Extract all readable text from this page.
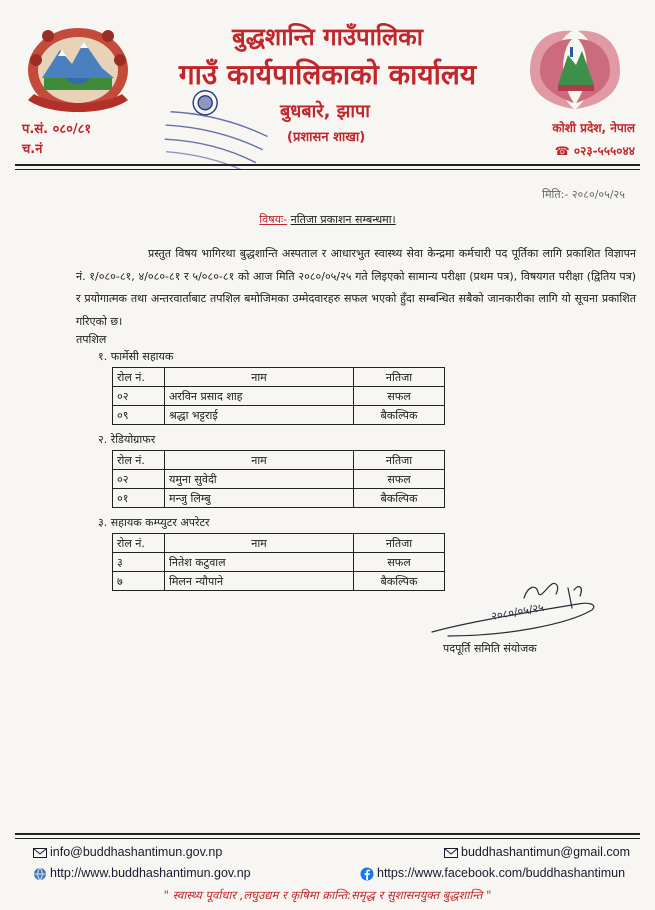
बुद्धशान्ति गाउँपालिका
गाउँ कार्यपालिकाको कार्यालय
बुधबारे, झापा
(प्रशासन शाखा)
प.सं. ०८०/८१
च.नं
कोशी प्रदेश, नेपाल
☎ ०२३-५५५०४४
मिति:- २०८०/०५/२५
विषयः- नतिजा प्रकाशन सम्बन्धमा।

प्रस्तुत विषय भागिरथा बुद्धशान्ति अस्पताल र आधारभुत स्वास्थ्य सेवा केन्द्रमा कर्मचारी पद पूर्तिका लागि प्रकाशित विज्ञापन नं. १/०८०-८१, ४/०८०-८१ र ५/०८०-८१ को आज मिति २०८०/०५/२५ गते लिइएको सामान्य परीक्षा (प्रथम पत्र), विषयगत परीक्षा (द्वितिय पत्र) र प्रयोगात्मक तथा अन्तरवार्ताबाट तपशिल बमोजिमका उम्मेदवारहरु सफल भएको हुँदा सम्बन्धित सबैको जानकारीका लागि यो सूचना प्रकाशित गरिएको छ।

तपशिल
१. फार्मेसी सहायक
रोल नं.	नाम	नतिजा
०२	अरविन प्रसाद शाह	सफल
०९	श्रद्धा भट्टराई	बैकल्पिक
२. रेडियोग्राफर
रोल नं.	नाम	नतिजा
०२	यमुना सुवेदी	सफल
०१	मन्जु लिम्बु	बैकल्पिक
३. सहायक कम्प्युटर अपरेटर
रोल नं.	नाम	नतिजा
३	नितेश कटुवाल	सफल
७	मिलन न्यौपाने	बैकल्पिक
२०८०/०५/२५
पदपूर्ति समिति संयोजक
info@buddhashantimun.gov.np	buddhashantimun@gmail.com
http://www.buddhashantimun.gov.np	https://www.facebook.com/buddhashantimun
" स्वास्थ्य पूर्वाधार ,लघुउद्यम र कृषिमा क्रान्ति:समृद्ध र सुशासनयुक्त बुद्धशान्ति "
